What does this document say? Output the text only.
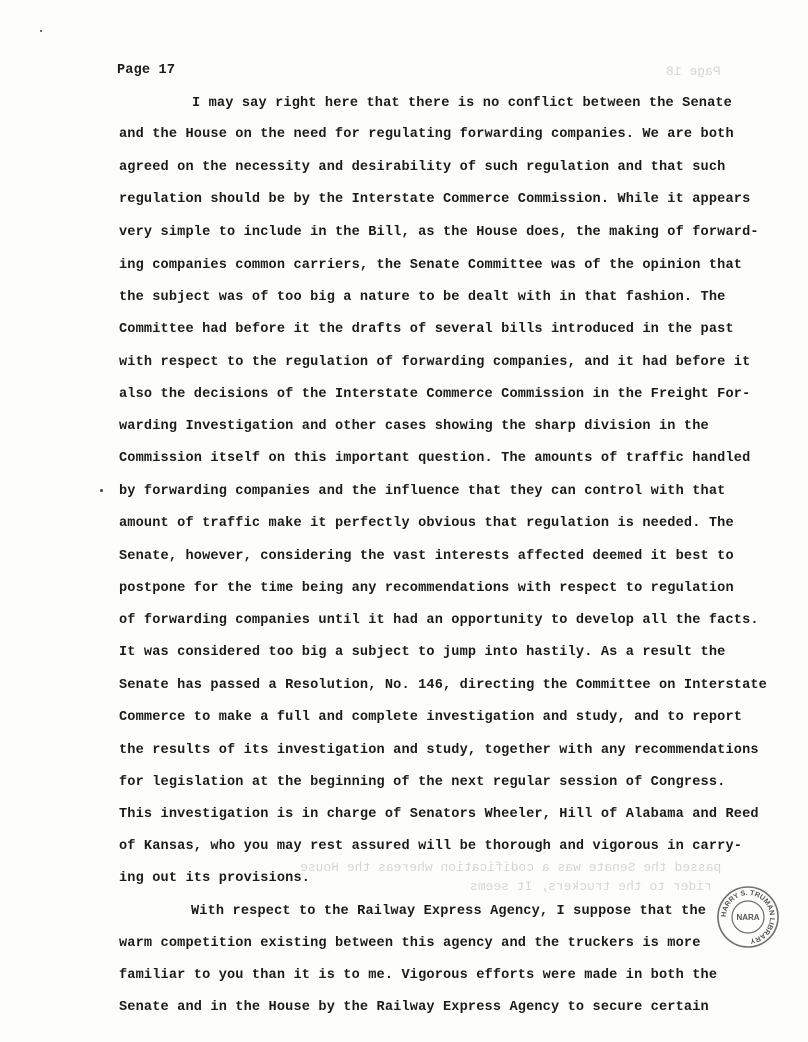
Page 18
passed the Senate was a codification whereas the House
rider to the truckers, It seems
Page 17
I may say right here that there is no conflict between the Senate
and the House on the need for regulating forwarding companies. We are both
agreed on the necessity and desirability of such regulation and that such
regulation should be by the Interstate Commerce Commission. While it appears
very simple to include in the Bill, as the House does, the making of forward-
ing companies common carriers, the Senate Committee was of the opinion that
the subject was of too big a nature to be dealt with in that fashion. The
Committee had before it the drafts of several bills introduced in the past
with respect to the regulation of forwarding companies, and it had before it
also the decisions of the Interstate Commerce Commission in the Freight For-
warding Investigation and other cases showing the sharp division in the
Commission itself on this important question. The amounts of traffic handled
by forwarding companies and the influence that they can control with that
amount of traffic make it perfectly obvious that regulation is needed. The
Senate, however, considering the vast interests affected deemed it best to
postpone for the time being any recommendations with respect to regulation
of forwarding companies until it had an opportunity to develop all the facts.
It was considered too big a subject to jump into hastily. As a result the
Senate has passed a Resolution, No. 146, directing the Committee on Interstate
Commerce to make a full and complete investigation and study, and to report
the results of its investigation and study, together with any recommendations
for legislation at the beginning of the next regular session of Congress.
This investigation is in charge of Senators Wheeler, Hill of Alabama and Reed
of Kansas, who you may rest assured will be thorough and vigorous in carry-
ing out its provisions.
With respect to the Railway Express Agency, I suppose that the
warm competition existing between this agency and the truckers is more
familiar to you than it is to me. Vigorous efforts were made in both the
Senate and in the House by the Railway Express Agency to secure certain
HARRY S. TRUMAN LIBRARY
NARA
